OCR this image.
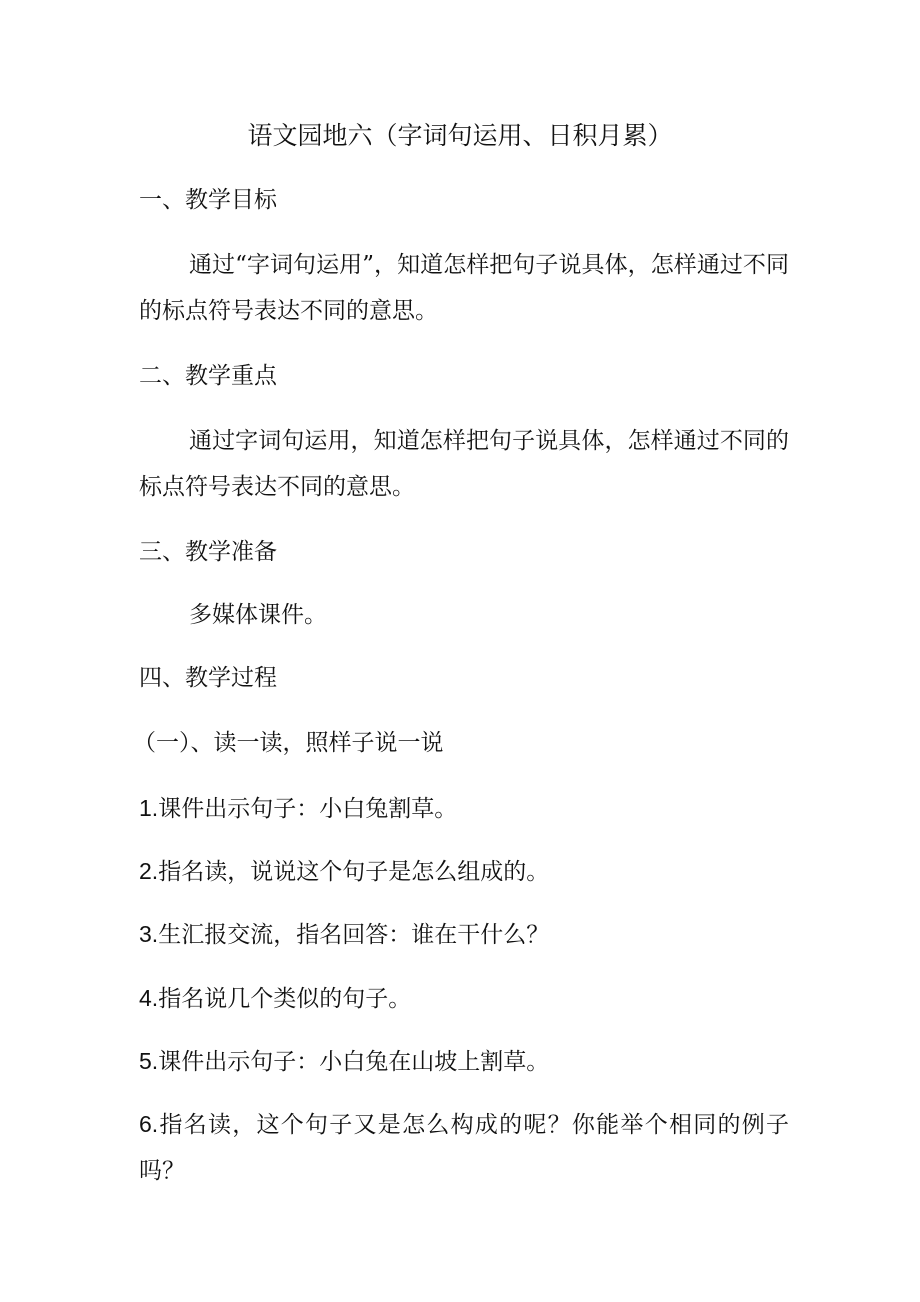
语文园地六（字词句运用、日积月累）
一、教学目标
通过“字词句运用”，知道怎样把句子说具体，怎样通过不同的标点符号表达不同的意思。
二、教学重点
通过字词句运用，知道怎样把句子说具体，怎样通过不同的标点符号表达不同的意思。
三、教学准备
多媒体课件。
四、教学过程
（一）、读一读，照样子说一说
1.课件出示句子：小白兔割草。
2.指名读，说说这个句子是怎么组成的。
3.生汇报交流，指名回答：谁在干什么？
4.指名说几个类似的句子。
5.课件出示句子：小白兔在山坡上割草。
6.指名读，这个句子又是怎么构成的呢？你能举个相同的例子吗？
